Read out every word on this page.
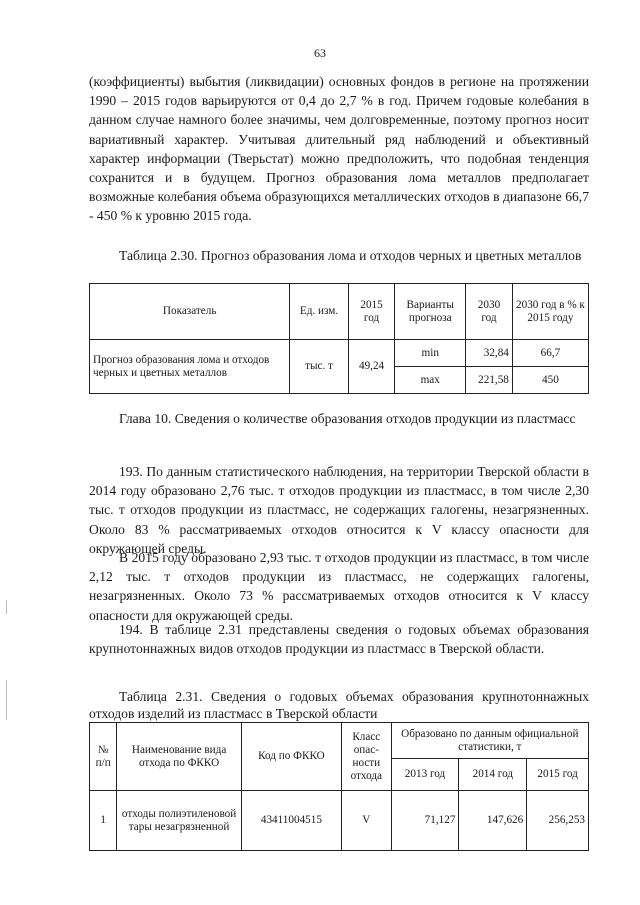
63

(коэффициенты) выбытия (ликвидации) основных фондов в регионе на протяжении 1990 – 2015 годов варьируются от 0,4 до 2,7 % в год. Причем годовые колебания в данном случае намного более значимы, чем долговременные, поэтому прогноз носит вариативный характер. Учитывая длительный ряд наблюдений и объективный характер информации (Тверьстат) можно предположить, что подобная тенденция сохранится и в будущем. Прогноз образования лома металлов предполагает возможные колебания объема образующихся металлических отходов в диапазоне 66,7 - 450 % к уровню 2015 года.

Таблица 2.30. Прогноз образования лома и отходов черных и цветных металлов

Показатель	Ед. изм.	2015 год	Варианты прогноза	2030 год	2030 год в % к 2015 году
Прогноз образования лома и отходов черных и цветных металлов	тыс. т	49,24	min	32,84	66,7
			max	221,58	450

Глава 10. Сведения о количестве образования отходов продукции из пластмасс

193. По данным статистического наблюдения, на территории Тверской области в 2014 году образовано 2,76 тыс. т отходов продукции из пластмасс, в том числе 2,30 тыс. т отходов продукции из пластмасс, не содержащих галогены, незагрязненных. Около 83 % рассматриваемых отходов относится к V классу опасности для окружающей среды.

В 2015 году образовано 2,93 тыс. т отходов продукции из пластмасс, в том числе 2,12 тыс. т отходов продукции из пластмасс, не содержащих галогены, незагрязненных. Около 73 % рассматриваемых отходов относится к V классу опасности для окружающей среды.

194. В таблице 2.31 представлены сведения о годовых объемах образования крупнотоннажных видов отходов продукции из пластмасс в Тверской области.

Таблица 2.31. Сведения о годовых объемах образования крупнотоннажных отходов изделий из пластмасс в Тверской области

№ п/п	Наименование вида отхода по ФККО	Код по ФККО	Класс опас- ности отхода	Образовано по данным официальной статистики, т		
				2013 год	2014 год	2015 год
1	отходы полиэтиленовой тары незагрязненной	43411004515	V	71,127	147,626	256,253
